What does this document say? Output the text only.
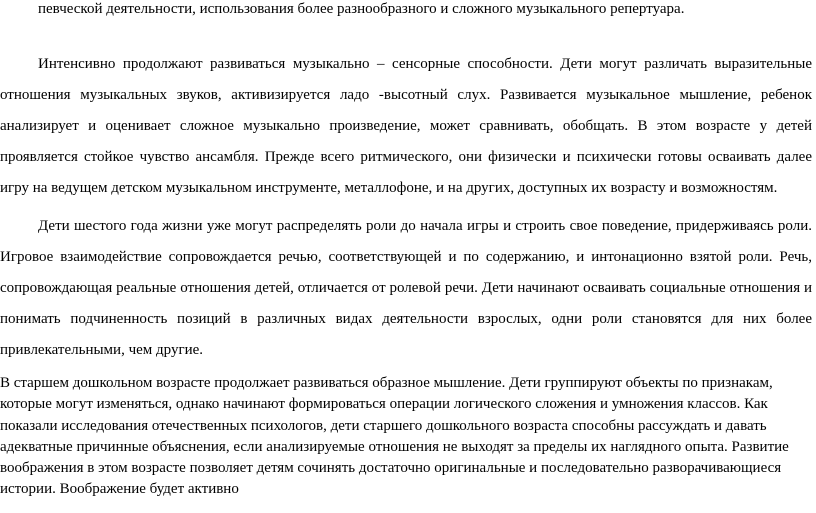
певческой деятельности, использования более разнообразного и сложного музыкального репертуара.

Интенсивно продолжают развиваться музыкально – сенсорные способности. Дети могут различать выразительные отношения музыкальных звуков, активизируется ладо -высотный слух. Развивается музыкальное мышление, ребенок анализирует и оценивает сложное музыкально произведение, может сравнивать, обобщать. В этом возрасте у детей проявляется стойкое чувство ансамбля. Прежде всего ритмического, они физически и психически готовы осваивать далее игру на ведущем детском музыкальном инструменте, металлофоне, и на других, доступных их возрасту и возможностям.

Дети шестого года жизни уже могут распределять роли до начала игры и строить свое поведение, придерживаясь роли. Игровое взаимодействие сопровождается речью, соответствующей и по содержанию, и интонационно взятой роли. Речь, сопровождающая реальные отношения детей, отличается от ролевой речи. Дети начинают осваивать социальные отношения и понимать подчиненность позиций в различных видах деятельности взрослых, одни роли становятся для них более привлекательными, чем другие.

В старшем дошкольном возрасте продолжает развиваться образное мышление. Дети группируют объекты по признакам, которые могут изменяться, однако начинают формироваться операции логического сложения и умножения классов. Как показали исследования отечественных психологов, дети старшего дошкольного возраста способны рассуждать и давать адекватные причинные объяснения, если анализируемые отношения не выходят за пределы их наглядного опыта. Развитие воображения в этом возрасте позволяет детям сочинять достаточно оригинальные и последовательно разворачивающиеся истории. Воображение будет активно
